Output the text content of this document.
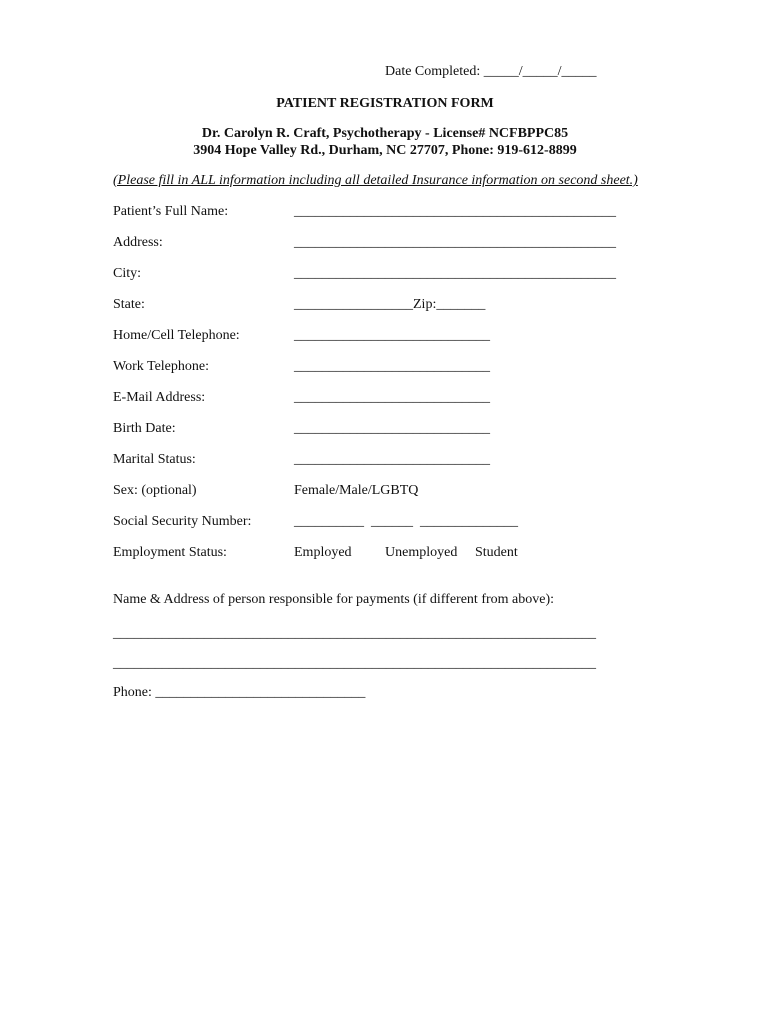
Date Completed: _____/_____/_____
PATIENT REGISTRATION FORM
Dr. Carolyn R. Craft, Psychotherapy - License# NCFBPPC85
3904 Hope Valley Rd., Durham, NC 27707, Phone: 919-612-8899
(Please fill in ALL information including all detailed Insurance information on second sheet.)
Patient’s Full Name:	______________________________________________
Address:	______________________________________________
City:	______________________________________________
State:	_________________Zip:_______
Home/Cell Telephone:	____________________________
Work Telephone:	____________________________
E-Mail Address:	____________________________
Birth Date:	____________________________
Marital Status:	____________________________
Sex: (optional)	Female/Male/LGBTQ
Social Security Number:	__________  ______  ______________
Employment Status:	Employed Unemployed Student
Name & Address of person responsible for payments (if different from above):
_____________________________________________________________________
_____________________________________________________________________
Phone: ______________________________
